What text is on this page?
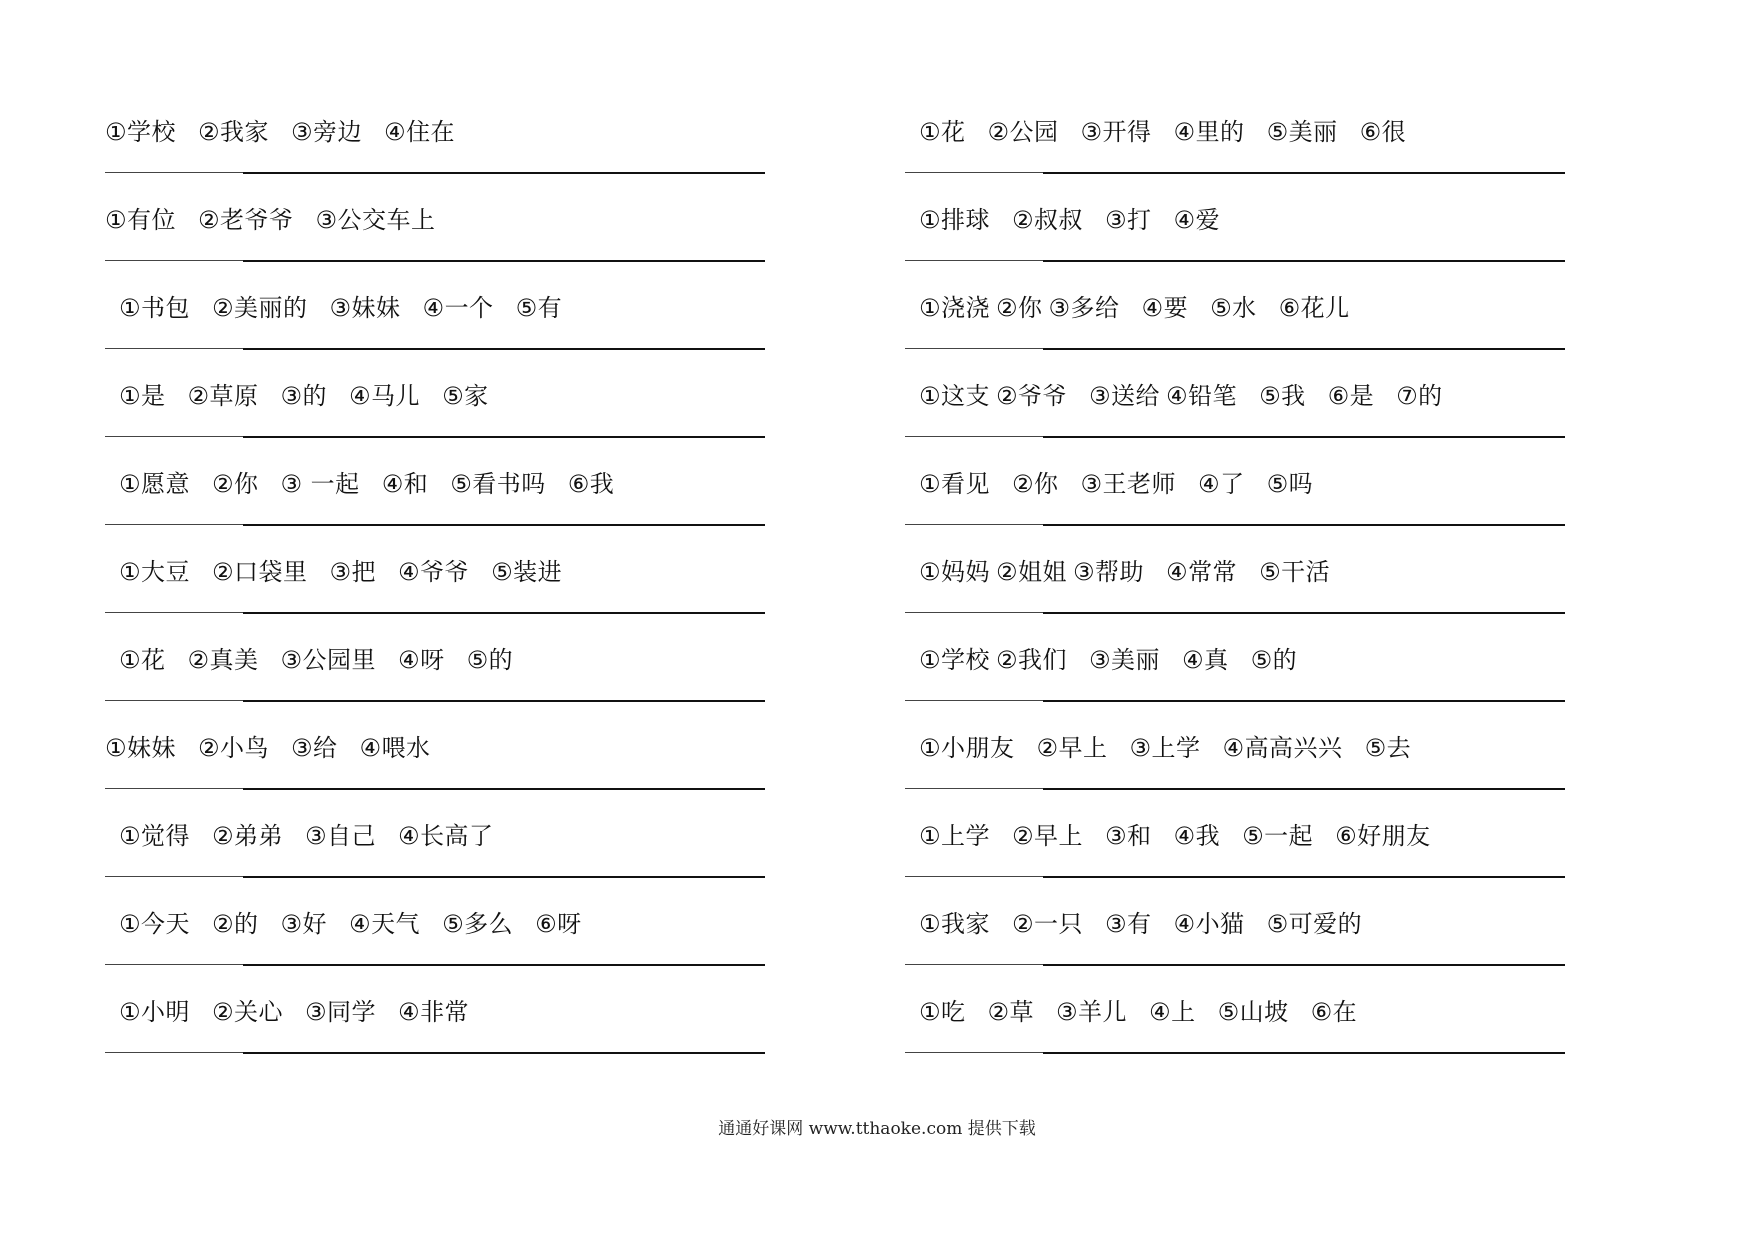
①学校 ②我家 ③旁边 ④住在
①有位 ②老爷爷 ③公交车上
①书包 ②美丽的 ③妹妹 ④一个 ⑤有
①是 ②草原 ③的 ④马儿 ⑤家
①愿意 ②你 ③ 一起 ④和 ⑤看书吗 ⑥我
①大豆 ②口袋里 ③把 ④爷爷 ⑤装进
①花 ②真美 ③公园里 ④呀 ⑤的
①妹妹 ②小鸟 ③给 ④喂水
①觉得 ②弟弟 ③自己 ④长高了
①今天 ②的 ③好 ④天气 ⑤多么 ⑥呀
①小明 ②关心 ③同学 ④非常
①花 ②公园 ③开得 ④里的 ⑤美丽 ⑥很
①排球 ②叔叔 ③打 ④爱
①浇浇 ②你 ③多给 ④要 ⑤水 ⑥花儿
①这支 ②爷爷 ③送给 ④铅笔 ⑤我 ⑥是 ⑦的
①看见 ②你 ③王老师 ④了 ⑤吗
①妈妈 ②姐姐 ③帮助 ④常常 ⑤干活
①学校 ②我们 ③美丽 ④真 ⑤的
①小朋友 ②早上 ③上学 ④高高兴兴 ⑤去
①上学 ②早上 ③和 ④我 ⑤一起 ⑥好朋友
①我家 ②一只 ③有 ④小猫 ⑤可爱的
①吃 ②草 ③羊儿 ④上 ⑤山坡 ⑥在
通通好课网 www.tthaoke.com 提供下载
